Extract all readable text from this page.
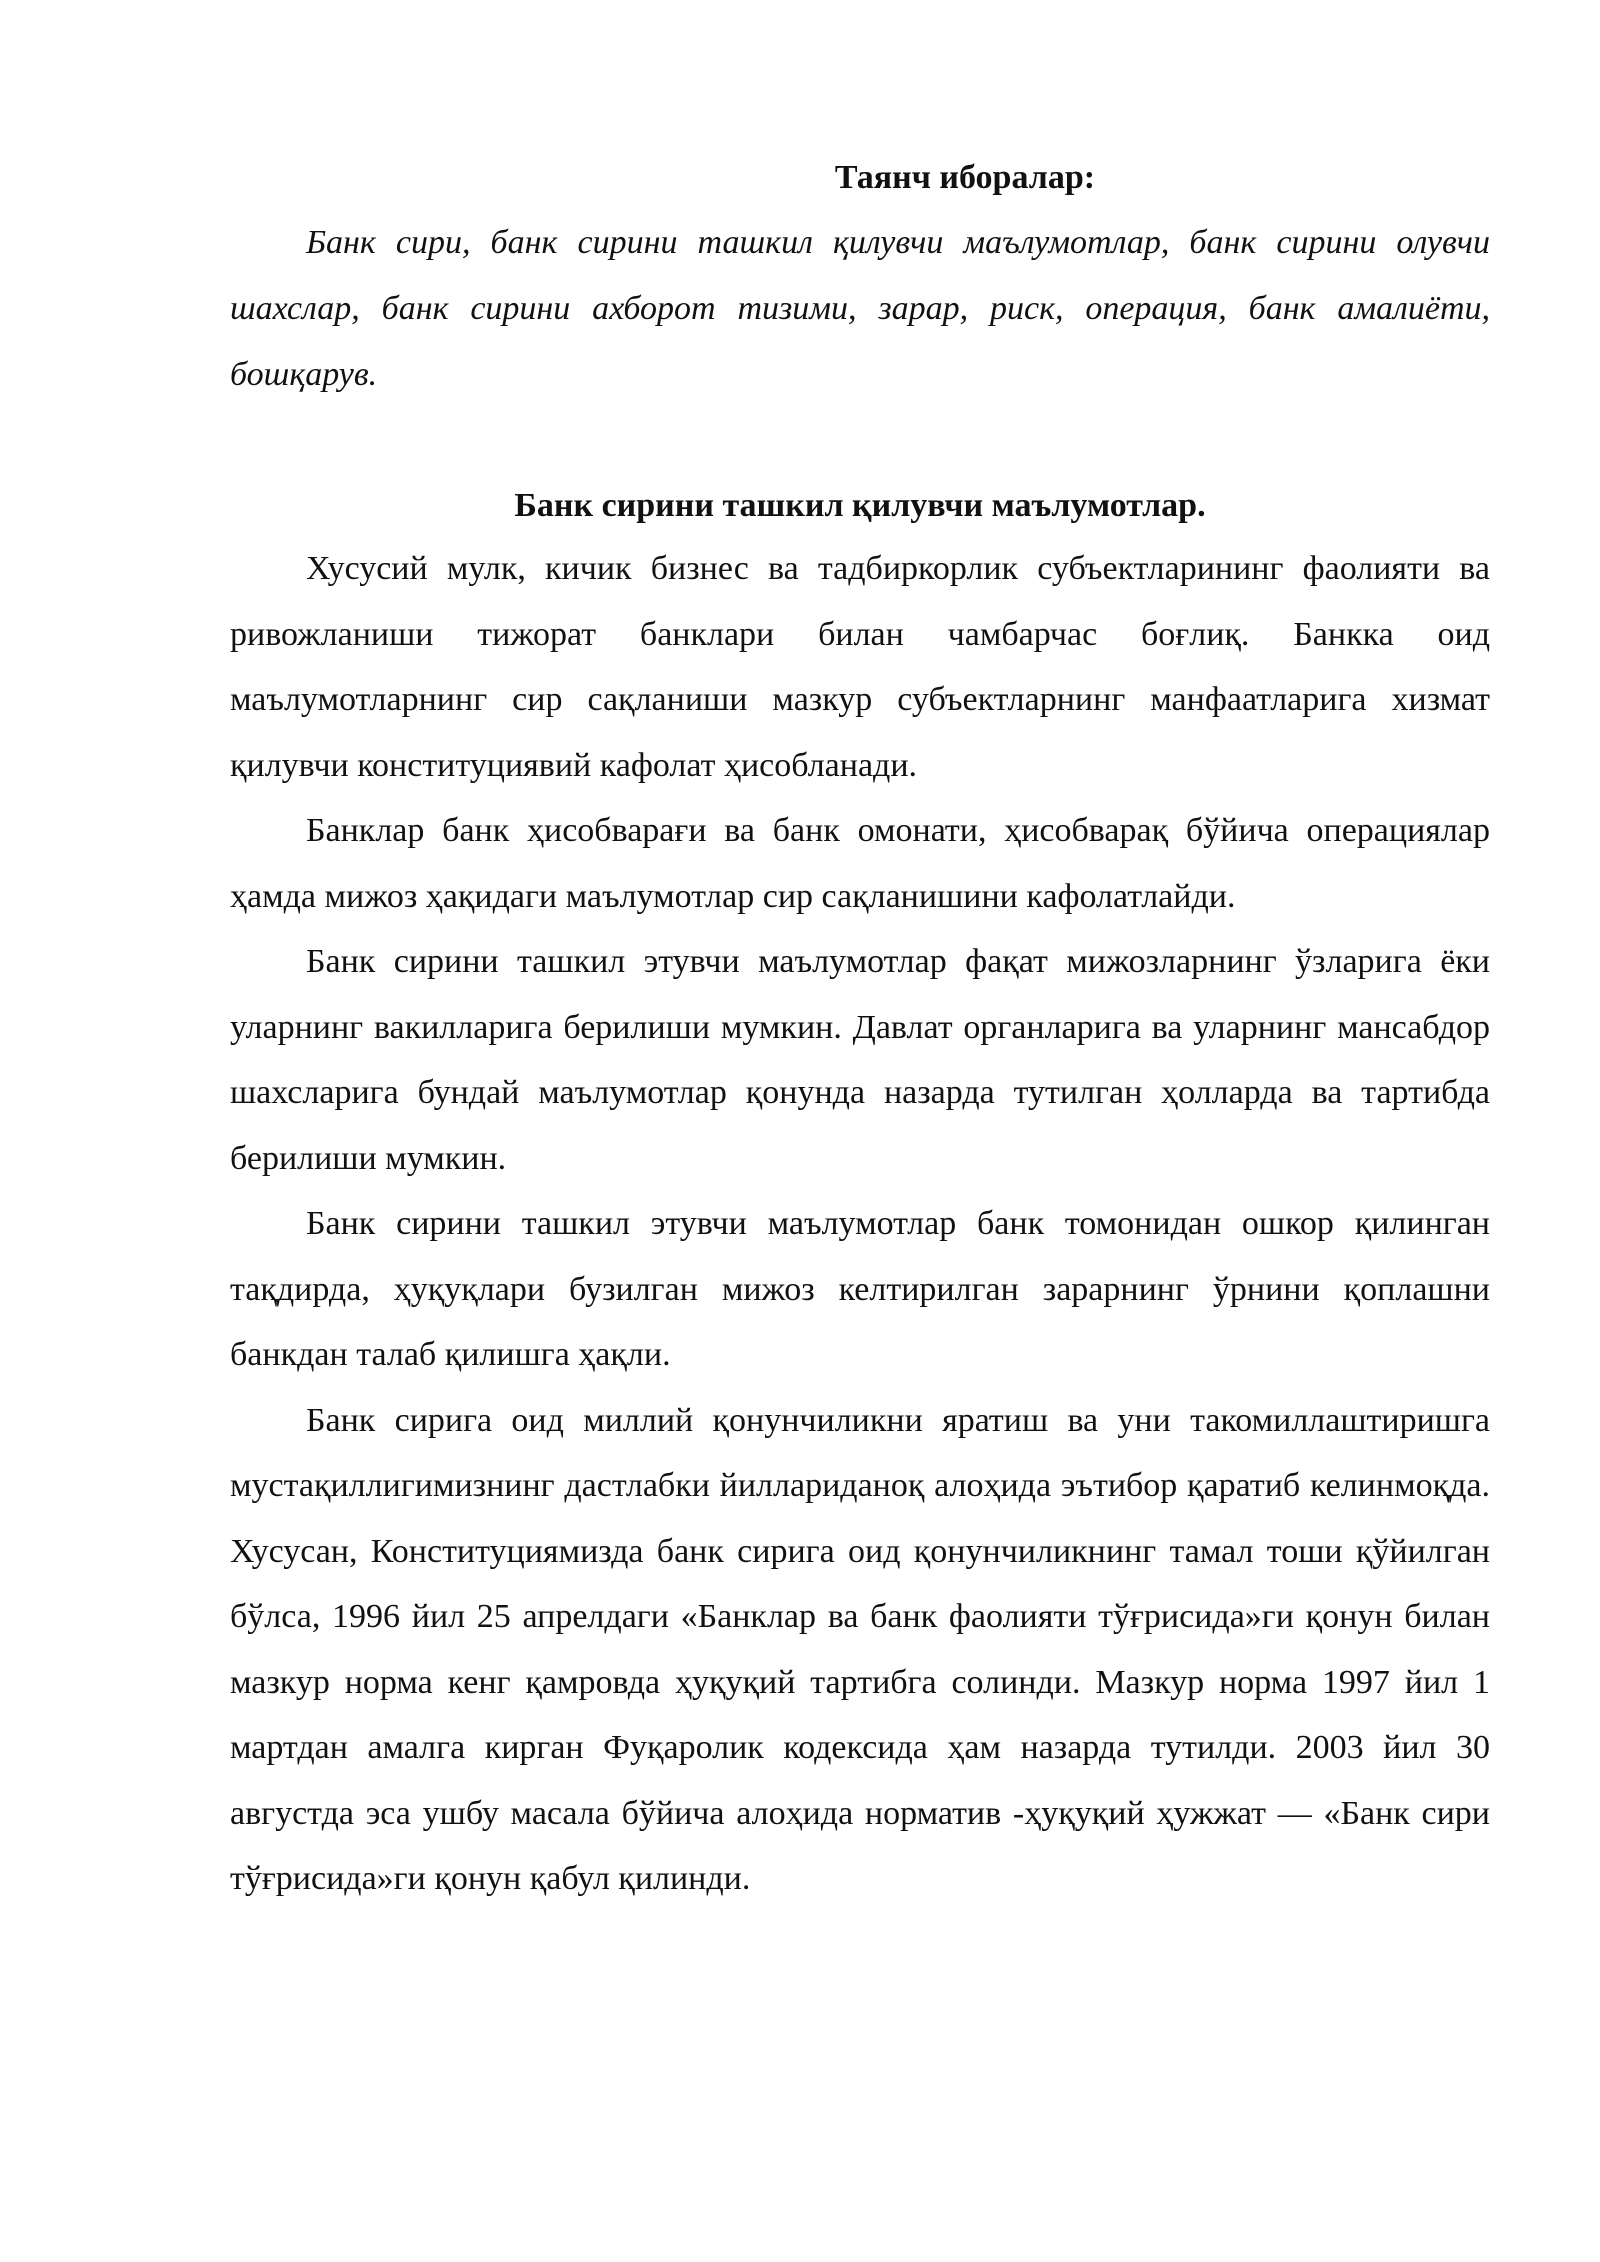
Таянч иборалар:

Банк сири, банк сирини ташкил қилувчи маълумотлар, банк сирини олувчи шахслар, банк сирини ахборот тизими, зарар, риск, операция, банк амалиёти, бошқарув.

Банк сирини ташкил қилувчи маълумотлар.

Хусусий мулк, кичик бизнес ва тадбиркорлик субъектларининг фаолияти ва ривожланиши тижорат банклари билан чамбарчас боғлиқ. Банкка оид маълумотларнинг сир сақланиши мазкур субъектларнинг манфаатларига хизмат қилувчи конституциявий кафолат ҳисобланади.

Банклар банк ҳисобварағи ва банк омонати, ҳисобварақ бўйича операциялар ҳамда мижоз ҳақидаги маълумотлар сир сақланишини кафолатлайди.

Банк сирини ташкил этувчи маълумотлар фақат мижозларнинг ўзларига ёки уларнинг вакилларига берилиши мумкин. Давлат органларига ва уларнинг мансабдор шахсларига бундай маълумотлар қонунда назарда тутилган ҳолларда ва тартибда берилиши мумкин.

Банк сирини ташкил этувчи маълумотлар банк томонидан ошкор қилинган тақдирда, ҳуқуқлари бузилган мижоз келтирилган зарарнинг ўрнини қоплашни банкдан талаб қилишга ҳақли.

Банк сирига оид миллий қонунчиликни яратиш ва уни такомиллаштиришга мустақиллигимизнинг дастлабки йиллариданоқ алоҳида эътибор қаратиб келинмоқда. Хусусан, Конституциямизда банк сирига оид қонунчиликнинг тамал тоши қўйилган бўлса, 1996 йил 25 апрелдаги «Банклар ва банк фаолияти тўғрисида»ги қонун билан мазкур норма кенг қамровда ҳуқуқий тартибга солинди. Мазкур норма 1997 йил 1 мартдан амалга кирган Фуқаролик кодексида ҳам назарда тутилди. 2003 йил 30 августда эса ушбу масала бўйича алоҳида норматив -ҳуқуқий ҳужжат — «Банк сири тўғрисида»ги қонун қабул қилинди.
